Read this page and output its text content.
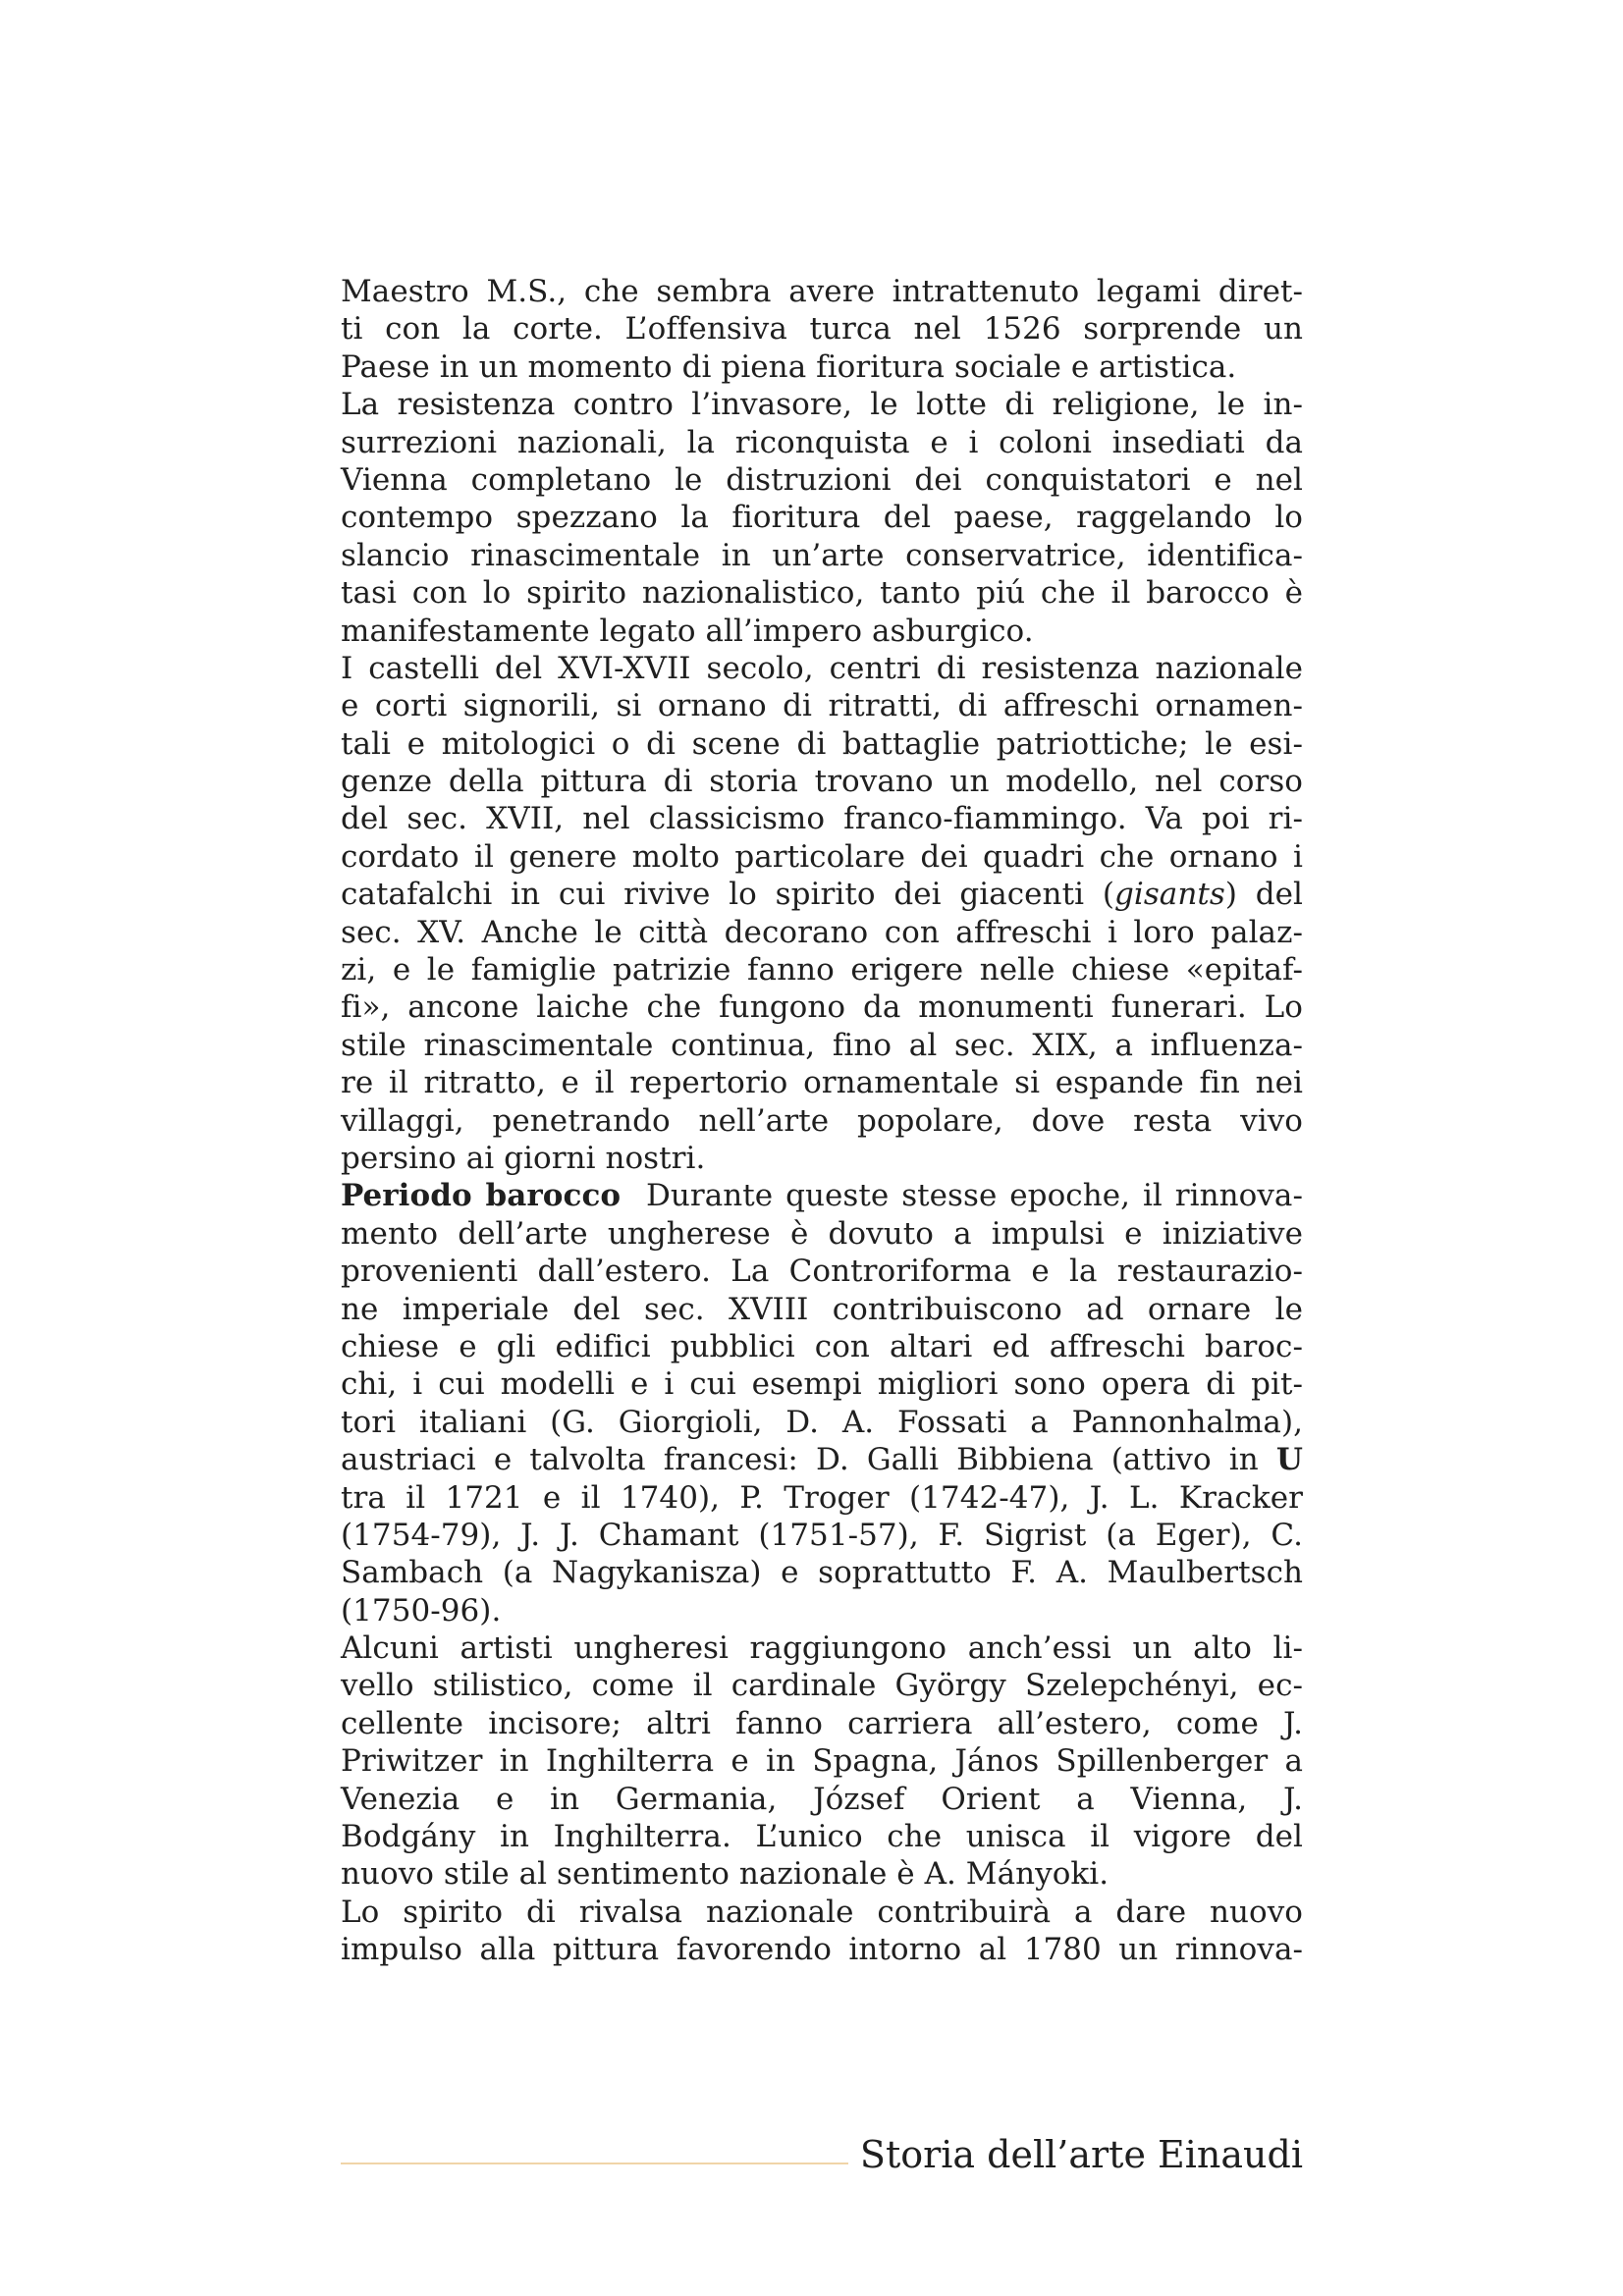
Maestro M.S., che sembra avere intrattenuto legami diret-
ti con la corte. L’offensiva turca nel 1526 sorprende un
Paese in un momento di piena fioritura sociale e artistica.
La resistenza contro l’invasore, le lotte di religione, le in-
surrezioni nazionali, la riconquista e i coloni insediati da
Vienna completano le distruzioni dei conquistatori e nel
contempo spezzano la fioritura del paese, raggelando lo
slancio rinascimentale in un’arte conservatrice, identifica-
tasi con lo spirito nazionalistico, tanto piú che il barocco è
manifestamente legato all’impero asburgico.
I castelli del XVI-XVII secolo, centri di resistenza nazionale
e corti signorili, si ornano di ritratti, di affreschi ornamen-
tali e mitologici o di scene di battaglie patriottiche; le esi-
genze della pittura di storia trovano un modello, nel corso
del sec. XVII, nel classicismo franco-fiammingo. Va poi ri-
cordato il genere molto particolare dei quadri che ornano i
catafalchi in cui rivive lo spirito dei giacenti (gisants) del
sec. XV. Anche le città decorano con affreschi i loro palaz-
zi, e le famiglie patrizie fanno erigere nelle chiese «epitaf-
fi», ancone laiche che fungono da monumenti funerari. Lo
stile rinascimentale continua, fino al sec. XIX, a influenza-
re il ritratto, e il repertorio ornamentale si espande fin nei
villaggi, penetrando nell’arte popolare, dove resta vivo
persino ai giorni nostri.
Periodo barocco  Durante queste stesse epoche, il rinnova-
mento dell’arte ungherese è dovuto a impulsi e iniziative
provenienti dall’estero. La Controriforma e la restaurazio-
ne imperiale del sec. XVIII contribuiscono ad ornare le
chiese e gli edifici pubblici con altari ed affreschi baroc-
chi, i cui modelli e i cui esempi migliori sono opera di pit-
tori italiani (G. Giorgioli, D. A. Fossati a Pannonhalma),
austriaci e talvolta francesi: D. Galli Bibbiena (attivo in U
tra il 1721 e il 1740), P. Troger (1742-47), J. L. Kracker
(1754-79), J. J. Chamant (1751-57), F. Sigrist (a Eger), C.
Sambach (a Nagykanisza) e soprattutto F. A. Maulbertsch
(1750-96).
Alcuni artisti ungheresi raggiungono anch’essi un alto li-
vello stilistico, come il cardinale György Szelepchényi, ec-
cellente incisore; altri fanno carriera all’estero, come J.
Priwitzer in Inghilterra e in Spagna, János Spillenberger a
Venezia e in Germania, József Orient a Vienna, J.
Bodgány in Inghilterra. L’unico che unisca il vigore del
nuovo stile al sentimento nazionale è A. Mányoki.
Lo spirito di rivalsa nazionale contribuirà a dare nuovo
impulso alla pittura favorendo intorno al 1780 un rinnova-
Storia dell’arte Einaudi
